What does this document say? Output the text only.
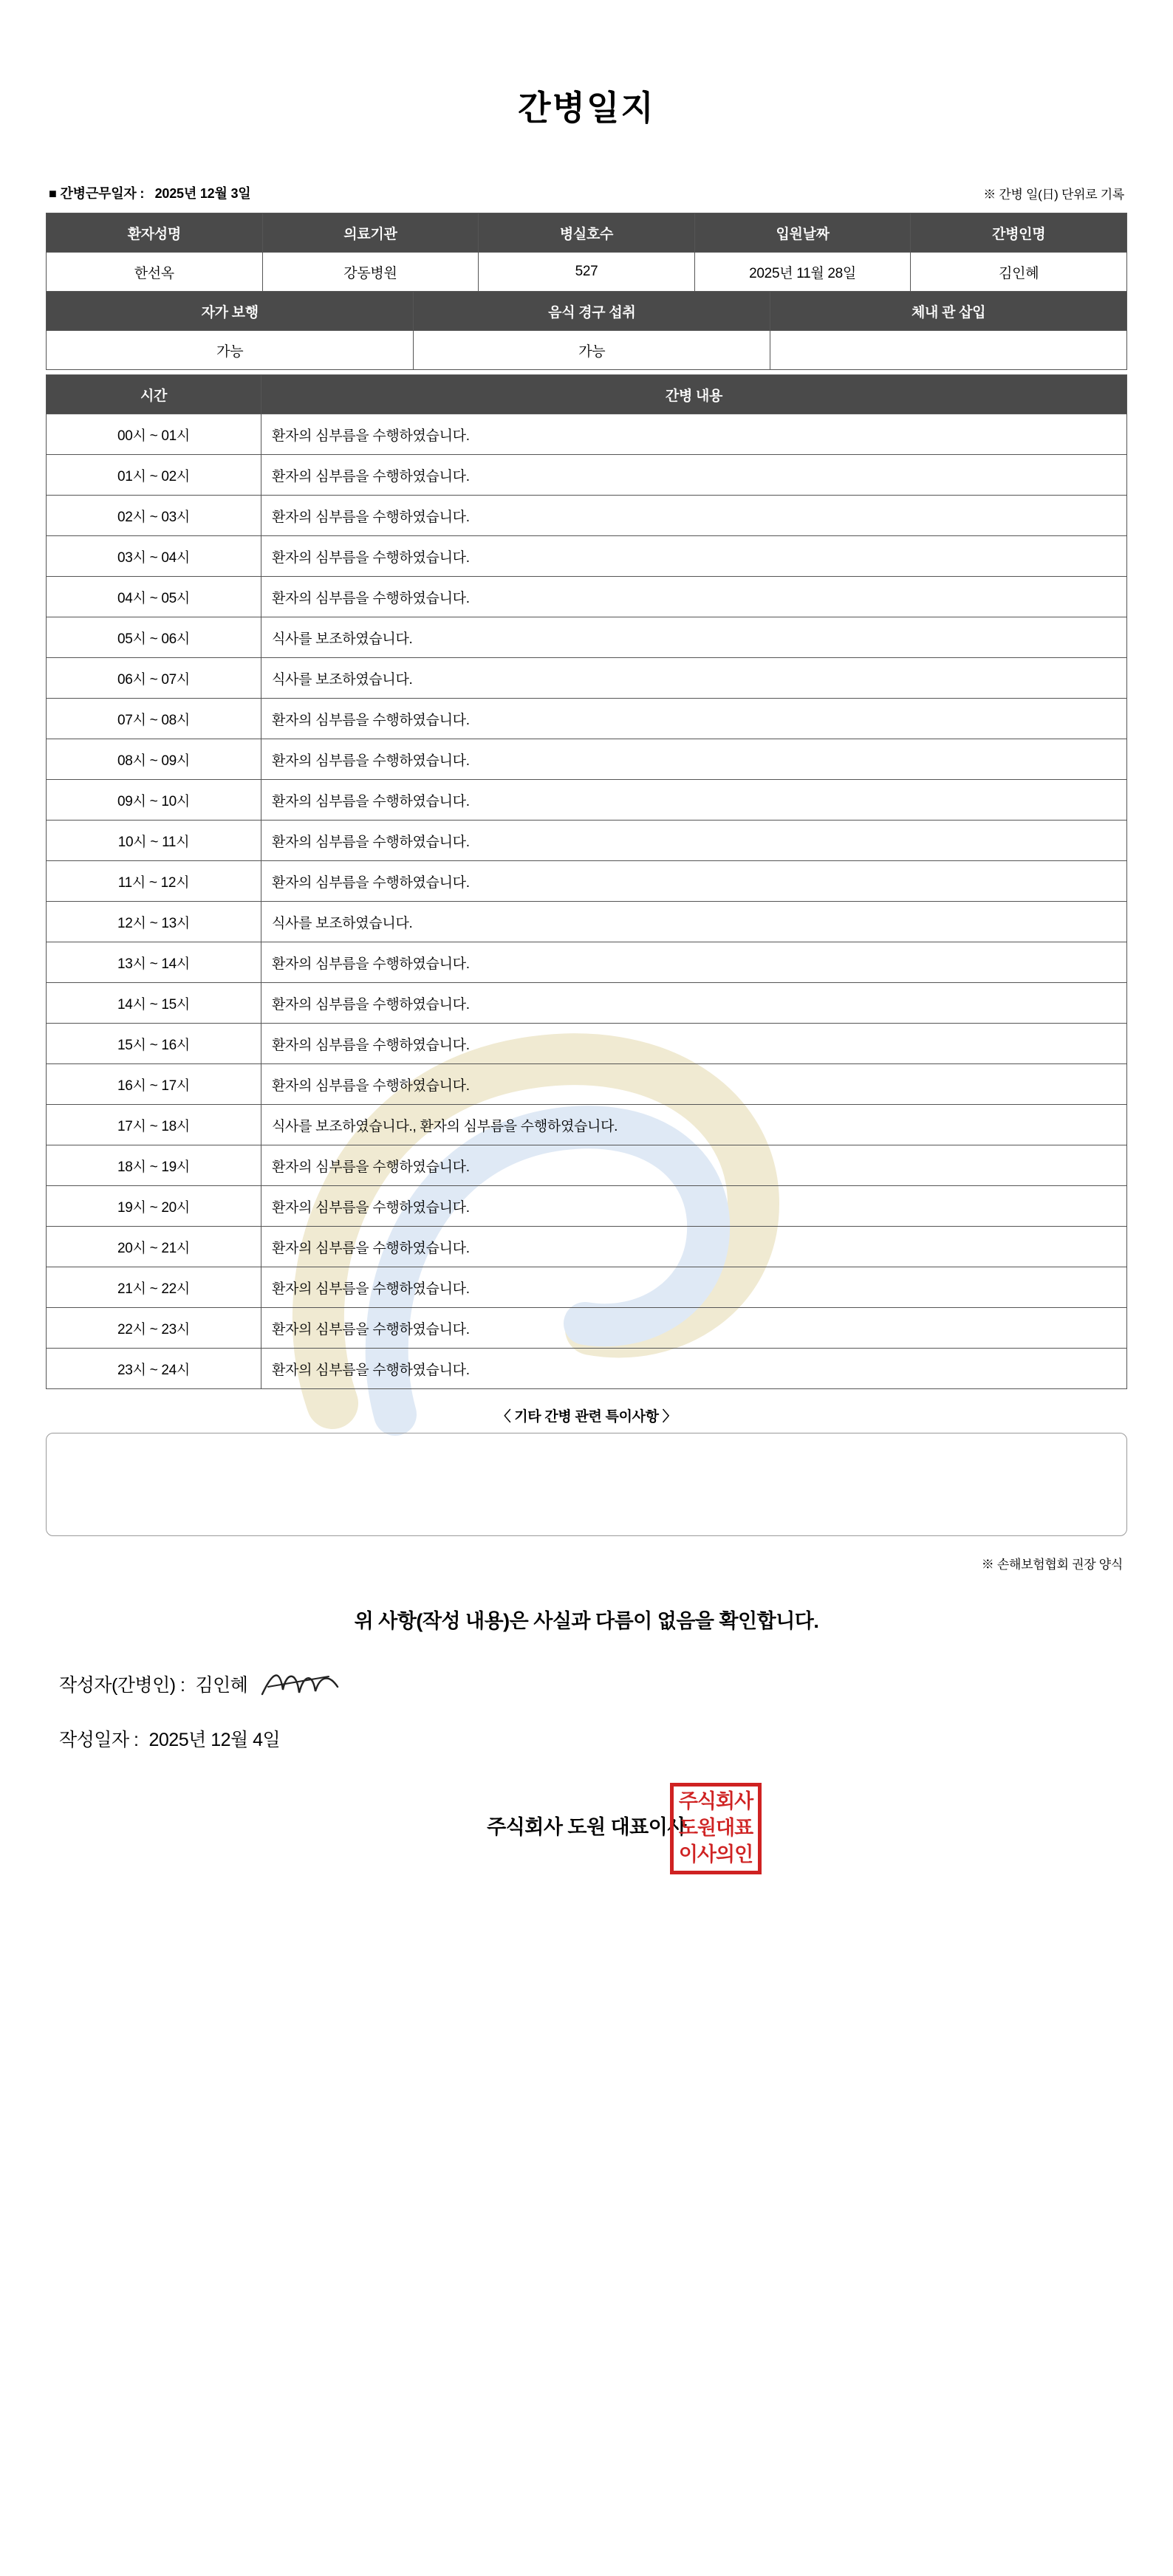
간병일지
■ 간병근무일자 : 2025년 12월 3일	※ 간병 일(日) 단위로 기록
환자성명	의료기관	병실호수	입원날짜	간병인명
한선옥	강동병원	527	2025년 11월 28일	김인혜
자가 보행	음식 경구 섭취	체내 관 삽입
가능	가능	
시간	간병 내용
00시 ~ 01시	환자의 심부름을 수행하였습니다.
01시 ~ 02시	환자의 심부름을 수행하였습니다.
02시 ~ 03시	환자의 심부름을 수행하였습니다.
03시 ~ 04시	환자의 심부름을 수행하였습니다.
04시 ~ 05시	환자의 심부름을 수행하였습니다.
05시 ~ 06시	식사를 보조하였습니다.
06시 ~ 07시	식사를 보조하였습니다.
07시 ~ 08시	환자의 심부름을 수행하였습니다.
08시 ~ 09시	환자의 심부름을 수행하였습니다.
09시 ~ 10시	환자의 심부름을 수행하였습니다.
10시 ~ 11시	환자의 심부름을 수행하였습니다.
11시 ~ 12시	환자의 심부름을 수행하였습니다.
12시 ~ 13시	식사를 보조하였습니다.
13시 ~ 14시	환자의 심부름을 수행하였습니다.
14시 ~ 15시	환자의 심부름을 수행하였습니다.
15시 ~ 16시	환자의 심부름을 수행하였습니다.
16시 ~ 17시	환자의 심부름을 수행하였습니다.
17시 ~ 18시	식사를 보조하였습니다., 환자의 심부름을 수행하였습니다.
18시 ~ 19시	환자의 심부름을 수행하였습니다.
19시 ~ 20시	환자의 심부름을 수행하였습니다.
20시 ~ 21시	환자의 심부름을 수행하였습니다.
21시 ~ 22시	환자의 심부름을 수행하였습니다.
22시 ~ 23시	환자의 심부름을 수행하였습니다.
23시 ~ 24시	환자의 심부름을 수행하였습니다.
〈 기타 간병 관련 특이사항 〉
※ 손해보험협회 권장 양식
위 사항(작성 내용)은 사실과 다름이 없음을 확인합니다.
작성자(간병인) : 김인혜
작성일자 : 2025년 12월 4일
주식회사 도원 대표이사
주식회사
도원대표
이사의인
